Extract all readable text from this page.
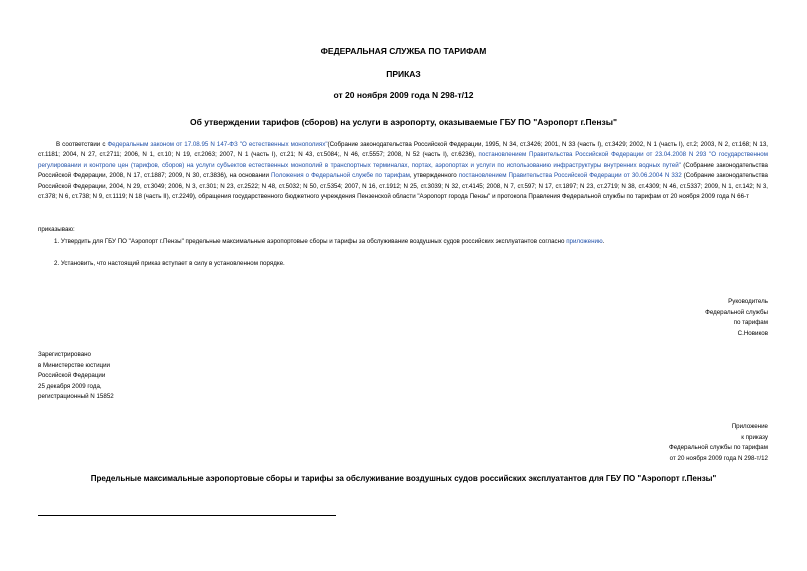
ФЕДЕРАЛЬНАЯ СЛУЖБА ПО ТАРИФАМ
ПРИКАЗ
от 20 ноября 2009 года N 298-т/12
Об утверждении тарифов (сборов) на услуги в аэропорту, оказываемые ГБУ ПО "Аэропорт г.Пензы"
В соответствии с Федеральным законом от 17.08.95 N 147-ФЗ "О естественных монополиях"(Собрание законодательства Российской Федерации, 1995, N 34, ст.3426; 2001, N 33 (часть I), ст.3429; 2002, N 1 (часть I), ст.2; 2003, N 2, ст.168; N 13, ст.1181; 2004, N 27, ст.2711; 2006, N 1, ст.10; N 19, ст.2063; 2007, N 1 (часть I), ст.21; N 43, ст.5084;, N 46, ст.5557; 2008, N 52 (часть I), ст.6236), постановлением Правительства Российской Федерации от 23.04.2008 N 293 "О государственном регулировании и контроле цен (тарифов, сборов) на услуги субъектов естественных монополий в транспортных терминалах, портах, аэропортах и услуги по использованию инфраструктуры внутренних водных путей" (Собрание законодательства Российской Федерации, 2008, N 17, ст.1887; 2009, N 30, ст.3836), на основании Положения о Федеральной службе по тарифам, утвержденного постановлением Правительства Российской Федерации от 30.06.2004 N 332 (Собрание законодательства Российской Федерации, 2004, N 29, ст.3049; 2006, N 3, ст.301; N 23, ст.2522; N 48, ст.5032; N 50, ст.5354; 2007, N 16, ст.1912; N 25, ст.3039; N 32, ст.4145; 2008, N 7, ст.597; N 17, ст.1897; N 23, ст.2719; N 38, ст.4309; N 46, ст.5337; 2009, N 1, ст.142; N 3, ст.378; N 6, ст.738; N 9, ст.1119; N 18 (часть II), ст.2249), обращения государственного бюджетного учреждения Пензенской области "Аэропорт города Пензы" и протокола Правления Федеральной службы по тарифам от 20 ноября 2009 года N 66-т
приказываю:
1. Утвердить для ГБУ ПО "Аэропорт г.Пензы" предельные максимальные аэропортовые сборы и тарифы за обслуживание воздушных судов российских эксплуатантов согласно приложению.
2. Установить, что настоящий приказ вступает в силу в установленном порядке.
Руководитель
Федеральной службы
по тарифам
С.Новиков
Зарегистрировано
в Министерстве юстиции
Российской Федерации
25 декабря 2009 года,
регистрационный N 15852
Приложение
к приказу
Федеральной службы по тарифам
от 20 ноября 2009 года N 298-т/12
Предельные максимальные аэропортовые сборы и тарифы за обслуживание воздушных судов российских эксплуатантов для ГБУ ПО "Аэропорт г.Пензы"
